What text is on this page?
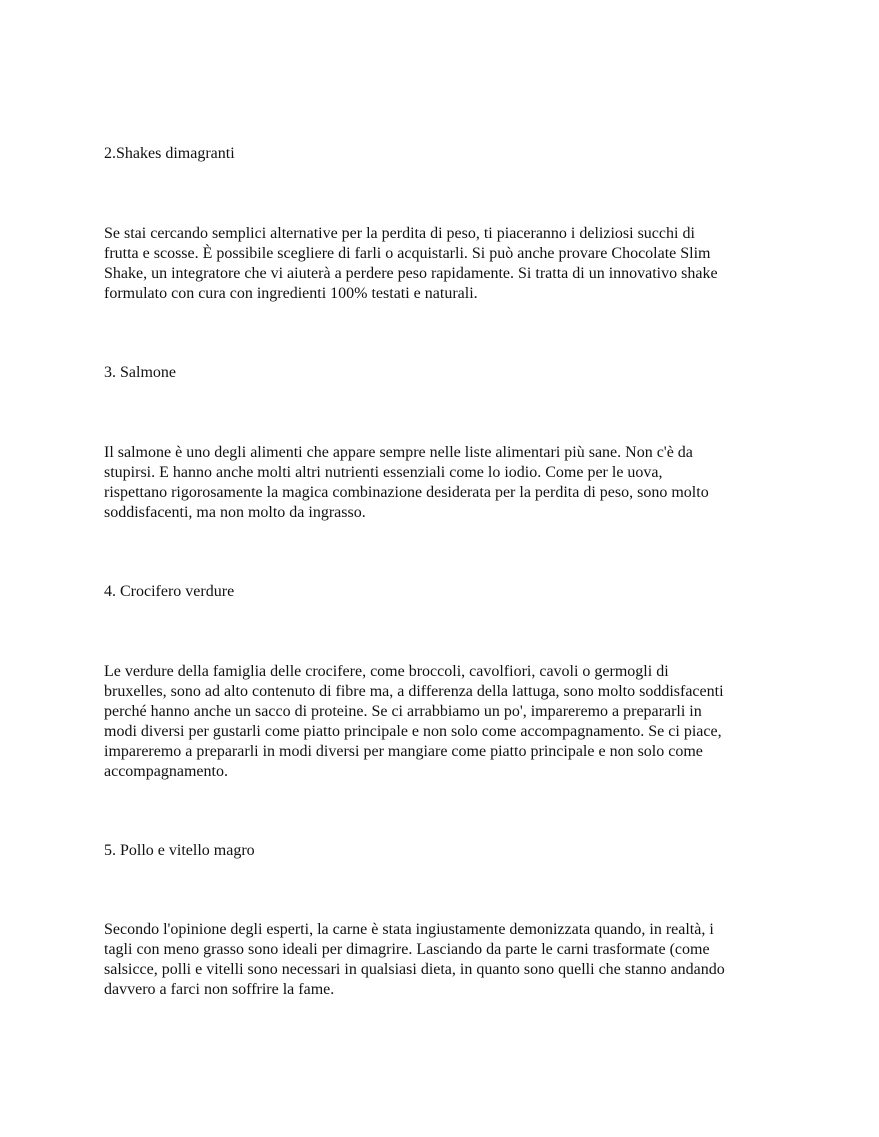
2.Shakes dimagranti

Se stai cercando semplici alternative per la perdita di peso, ti piaceranno i deliziosi succhi di
frutta e scosse. È possibile scegliere di farli o acquistarli. Si può anche provare Chocolate Slim
Shake, un integratore che vi aiuterà a perdere peso rapidamente. Si tratta di un innovativo shake
formulato con cura con ingredienti 100% testati e naturali.

3. Salmone

Il salmone è uno degli alimenti che appare sempre nelle liste alimentari più sane. Non c'è da
stupirsi. E hanno anche molti altri nutrienti essenziali come lo iodio. Come per le uova,
rispettano rigorosamente la magica combinazione desiderata per la perdita di peso, sono molto
soddisfacenti, ma non molto da ingrasso.

4. Crocifero verdure

Le verdure della famiglia delle crocifere, come broccoli, cavolfiori, cavoli o germogli di
bruxelles, sono ad alto contenuto di fibre ma, a differenza della lattuga, sono molto soddisfacenti
perché hanno anche un sacco di proteine. Se ci arrabbiamo un po', impareremo a prepararli in
modi diversi per gustarli come piatto principale e non solo come accompagnamento. Se ci piace,
impareremo a prepararli in modi diversi per mangiare come piatto principale e non solo come
accompagnamento.

5. Pollo e vitello magro

Secondo l'opinione degli esperti, la carne è stata ingiustamente demonizzata quando, in realtà, i
tagli con meno grasso sono ideali per dimagrire. Lasciando da parte le carni trasformate (come
salsicce, polli e vitelli sono necessari in qualsiasi dieta, in quanto sono quelli che stanno andando
davvero a farci non soffrire la fame.
